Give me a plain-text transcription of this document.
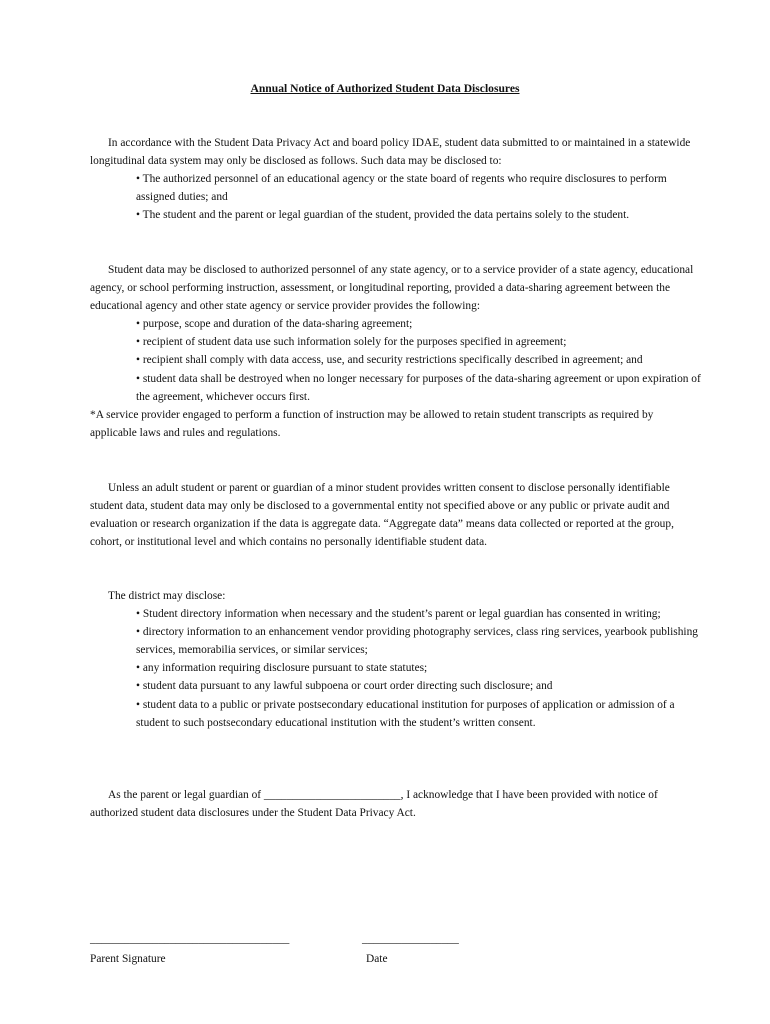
Annual Notice of Authorized Student Data Disclosures

In accordance with the Student Data Privacy Act and board policy IDAE, student data submitted to or maintained in a statewide longitudinal data system may only be disclosed as follows. Such data may be disclosed to:

• The authorized personnel of an educational agency or the state board of regents who require disclosures to perform assigned duties; and
• The student and the parent or legal guardian of the student, provided the data pertains solely to the student.

Student data may be disclosed to authorized personnel of any state agency, or to a service provider of a state agency, educational agency, or school performing instruction, assessment, or longitudinal reporting, provided a data-sharing agreement between the educational agency and other state agency or service provider provides the following:

• purpose, scope and duration of the data-sharing agreement;
• recipient of student data use such information solely for the purposes specified in agreement;
• recipient shall comply with data access, use, and security restrictions specifically described in agreement; and
• student data shall be destroyed when no longer necessary for purposes of the data-sharing agreement or upon expiration of the agreement, whichever occurs first.

*A service provider engaged to perform a function of instruction may be allowed to retain student transcripts as required by applicable laws and rules and regulations.

Unless an adult student or parent or guardian of a minor student provides written consent to disclose personally identifiable student data, student data may only be disclosed to a governmental entity not specified above or any public or private audit and evaluation or research organization if the data is aggregate data. “Aggregate data” means data collected or reported at the group, cohort, or institutional level and which contains no personally identifiable student data.

The district may disclose:

• Student directory information when necessary and the student’s parent or legal guardian has consented in writing;
• directory information to an enhancement vendor providing photography services, class ring services, yearbook publishing services, memorabilia services, or similar services;
• any information requiring disclosure pursuant to state statutes;
• student data pursuant to any lawful subpoena or court order directing such disclosure; and
• student data to a public or private postsecondary educational institution for purposes of application or admission of a student to such postsecondary educational institution with the student’s written consent.

As the parent or legal guardian of ________________________, I acknowledge that I have been provided with notice of authorized student data disclosures under the Student Data Privacy Act.

___________________________________
Parent Signature
_________________
Date
